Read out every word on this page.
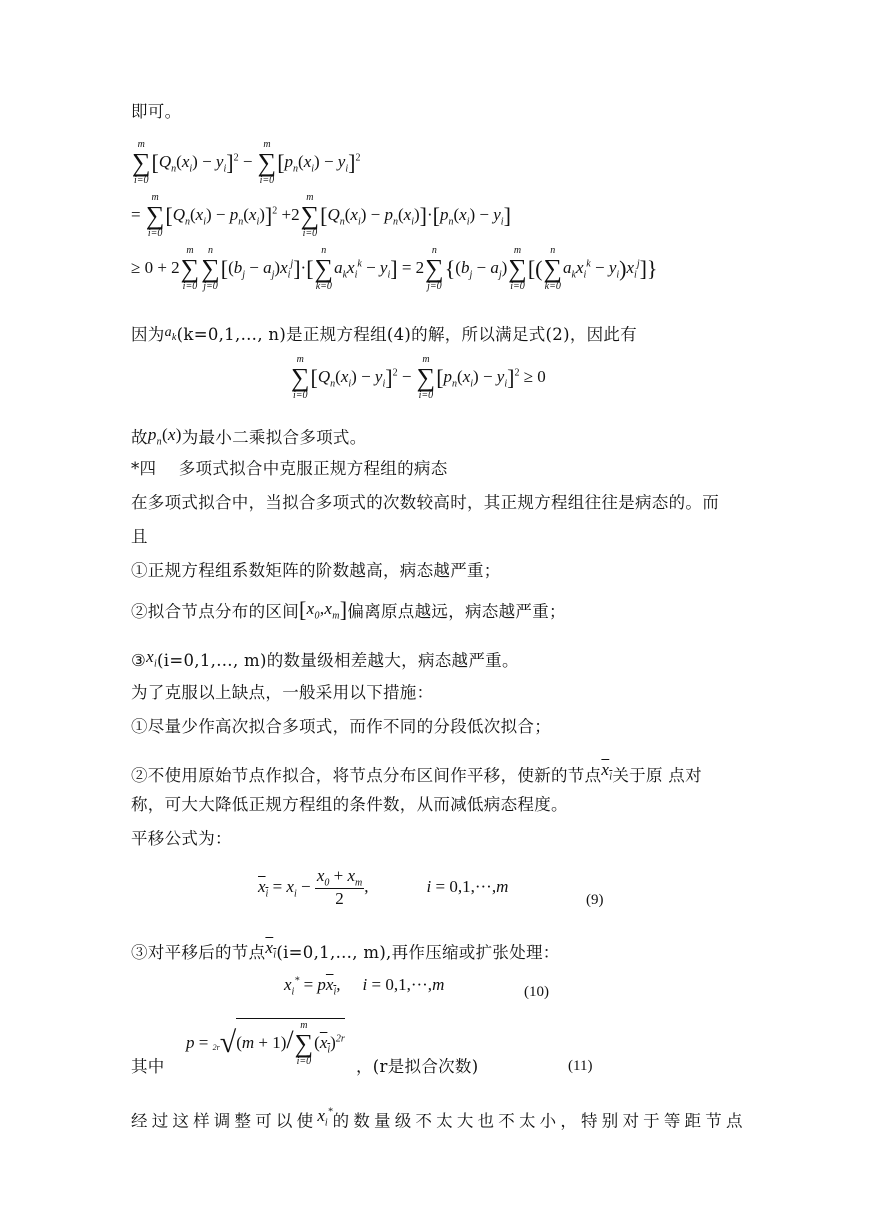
即可。
m
∑
i=0
$[Q_n(x_i) - y_i]^2$ −
m
∑
i=0
$[p_n(x_i) - y_i]^2$
=
m
∑
i=0
$[Q_n(x_i) - p_n(x_i)]^2 +2$
m
∑
i=0
$[Q_n(x_i) - p_n(x_i)]\cdot[p_n(x_i) - y_i]$
≥ 0 + 2
m
∑
i=0
n
∑
j=0
$[(b_j - a_j)x_i^j]\cdot$[
n
∑
k=0
$a_kx_i^k - y_i] = 2$
n
∑
j=0
{$(b_j - a_j)$
m
∑
i=0
[(
n
∑
k=0
$a_kx_i^k - y_i)x_i^j$]}
因为$^{a_k}$(k=0,1,…, n)是正规方程组(4)的解，所以满足式(2)，因此有
m
∑
i=0
$[Q_n(x_i) - y_i]^2$ −
m
∑
i=0
$[p_n(x_i) - y_i]^2 \ge 0$
故$p_n(x)$为最小二乘拟合多项式。
*四　 多项式拟合中克服正规方程组的病态
在多项式拟合中，当拟合多项式的次数较高时，其正规方程组往往是病态的。而
且
①正规方程组系数矩阵的阶数越高，病态越严重；
②拟合节点分布的区间$[x_0,x_m]$偏离原点越远，病态越严重；
$③x_i(i=0,1,\dots$, m)的数量级相差越大，病态越严重。
为了克服以上缺点，一般采用以下措施：
①尽量少作高次拟合多项式，而作不同的分段低次拟合；
②不使用原始节点作拟合，将节点分布区间作平移，使新的节点$x_i$关于原 点对
称，可大大降低正规方程组的条件数，从而减低病态程度。
平移公式为：
$x_i = x_i - \frac{x_0 + x_m}{2}$ ,	i = 0,1,···,m
(9)
③对平移后的节点$x_i(i=0,1,\dots$, m),再作压缩或扩张处理：
$x_i^* = px_i$, i = 0,1,···,m	(10)
p = $_{2r}$√(m + 1)/ m
∑
i=0
$(x_i)^{2r}$
其中	，(r是拟合次数)	(11)
经过这样调整可以使$x_i^*$的数量级不太大也不太小，特别对于等距节点
